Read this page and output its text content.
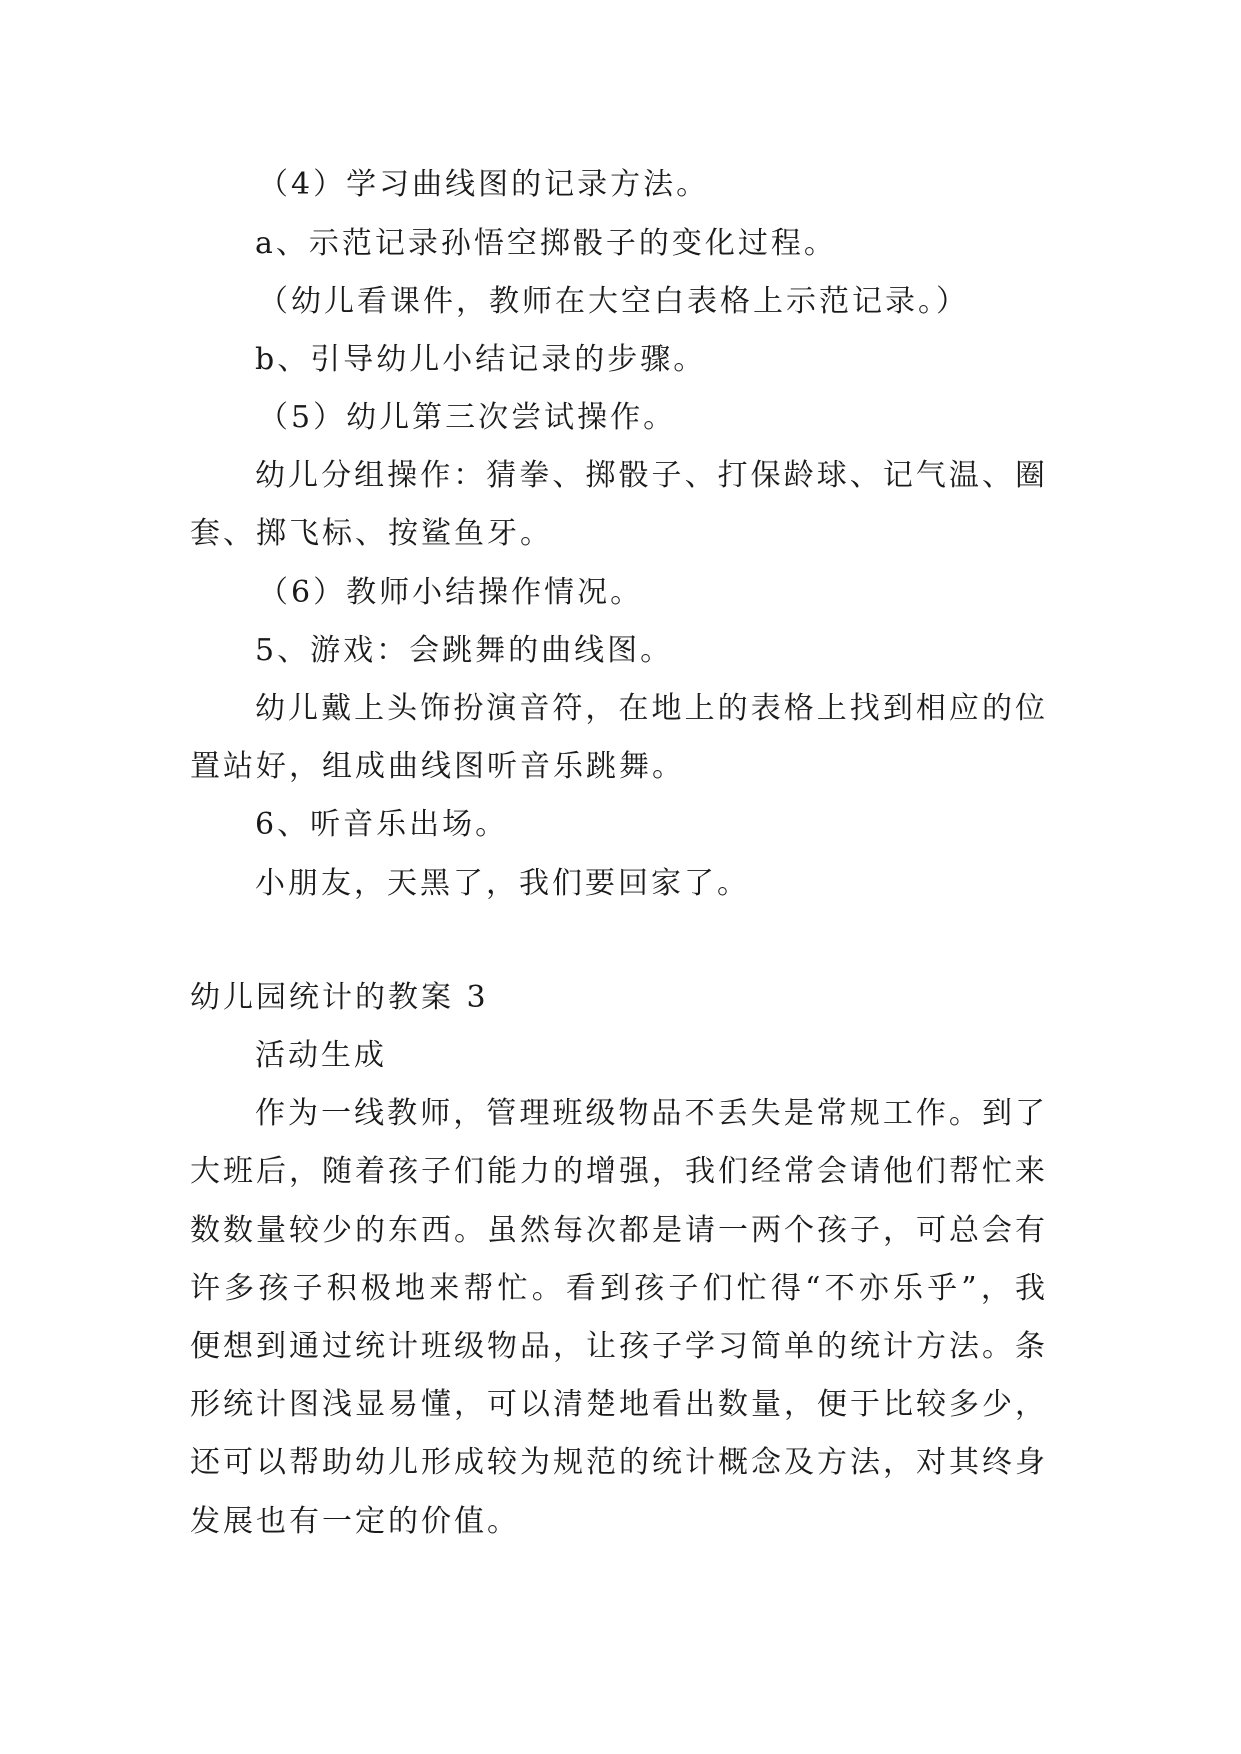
（4）学习曲线图的记录方法。
a、示范记录孙悟空掷骰子的变化过程。
（幼儿看课件，教师在大空白表格上示范记录。）
b、引导幼儿小结记录的步骤。
（5）幼儿第三次尝试操作。
幼儿分组操作：猜拳、掷骰子、打保龄球、记气温、圈
套、掷飞标、按鲨鱼牙。
（6）教师小结操作情况。
5、游戏：会跳舞的曲线图。
幼儿戴上头饰扮演音符，在地上的表格上找到相应的位
置站好，组成曲线图听音乐跳舞。
6、听音乐出场。
小朋友，天黑了，我们要回家了。
幼儿园统计的教案 3
活动生成
作为一线教师，管理班级物品不丢失是常规工作。到了
大班后，随着孩子们能力的增强，我们经常会请他们帮忙来
数数量较少的东西。虽然每次都是请一两个孩子，可总会有
许多孩子积极地来帮忙。看到孩子们忙得“不亦乐乎”，我
便想到通过统计班级物品，让孩子学习简单的统计方法。条
形统计图浅显易懂，可以清楚地看出数量，便于比较多少，
还可以帮助幼儿形成较为规范的统计概念及方法，对其终身
发展也有一定的价值。
